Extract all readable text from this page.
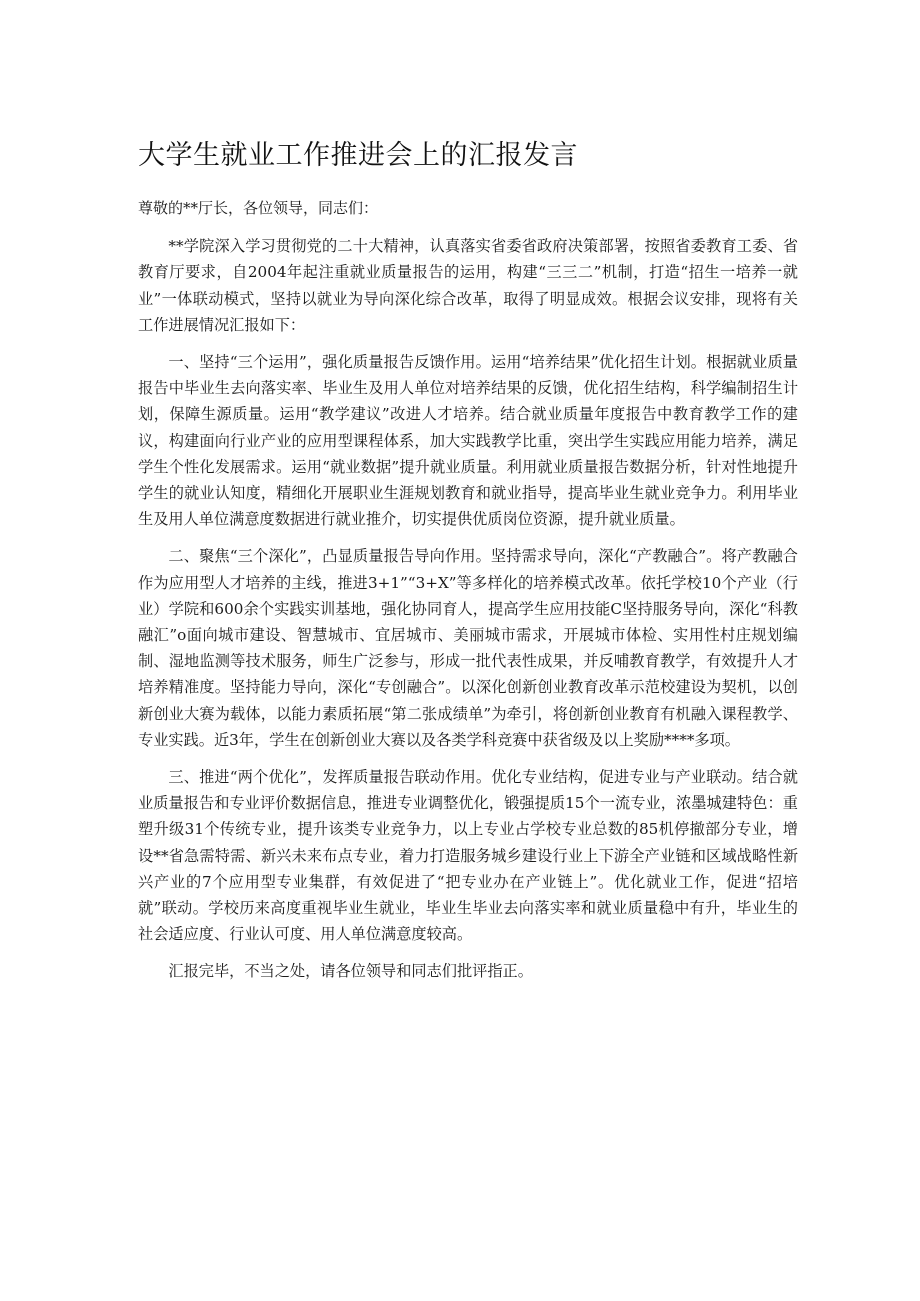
大学生就业工作推进会上的汇报发言

尊敬的**厅长，各位领导，同志们：

**学院深入学习贯彻党的二十大精神，认真落实省委省政府决策部署，按照省委教育工委、省教育厅要求，自2004年起注重就业质量报告的运用，构建“三三二”机制，打造“招生一培养一就业”一体联动模式，坚持以就业为导向深化综合改革，取得了明显成效。根据会议安排，现将有关工作进展情况汇报如下：

一、坚持“三个运用”，强化质量报告反馈作用。运用“培养结果”优化招生计划。根据就业质量报告中毕业生去向落实率、毕业生及用人单位对培养结果的反馈，优化招生结构，科学编制招生计划，保障生源质量。运用“教学建议”改进人才培养。结合就业质量年度报告中教育教学工作的建议，构建面向行业产业的应用型课程体系，加大实践教学比重，突出学生实践应用能力培养，满足学生个性化发展需求。运用“就业数据”提升就业质量。利用就业质量报告数据分析，针对性地提升学生的就业认知度，精细化开展职业生涯规划教育和就业指导，提高毕业生就业竞争力。利用毕业生及用人单位满意度数据进行就业推介，切实提供优质岗位资源，提升就业质量。

二、聚焦“三个深化”，凸显质量报告导向作用。坚持需求导向，深化“产教融合”。将产教融合作为应用型人才培养的主线，推进3+1”“3+X”等多样化的培养模式改革。依托学校10个产业（行业）学院和600余个实践实训基地，强化协同育人，提高学生应用技能C坚持服务导向，深化“科教融汇”o面向城市建设、智慧城市、宜居城市、美丽城市需求，开展城市体检、实用性村庄规划编制、湿地监测等技术服务，师生广泛参与，形成一批代表性成果，并反哺教育教学，有效提升人才培养精准度。坚持能力导向，深化“专创融合”。以深化创新创业教育改革示范校建设为契机，以创新创业大赛为载体，以能力素质拓展“第二张成绩单”为牵引，将创新创业教育有机融入课程教学、专业实践。近3年，学生在创新创业大赛以及各类学科竞赛中获省级及以上奖励****多项。

三、推进“两个优化”，发挥质量报告联动作用。优化专业结构，促进专业与产业联动。结合就业质量报告和专业评价数据信息，推进专业调整优化，锻强提质15个一流专业，浓墨城建特色：重塑升级31个传统专业，提升该类专业竞争力，以上专业占学校专业总数的85机停撤部分专业，增设**省急需特需、新兴未来布点专业，着力打造服务城乡建设行业上下游全产业链和区域战略性新兴产业的7个应用型专业集群，有效促进了“把专业办在产业链上”。优化就业工作，促进“招培就”联动。学校历来高度重视毕业生就业，毕业生毕业去向落实率和就业质量稳中有升，毕业生的社会适应度、行业认可度、用人单位满意度较高。

汇报完毕，不当之处，请各位领导和同志们批评指正。
